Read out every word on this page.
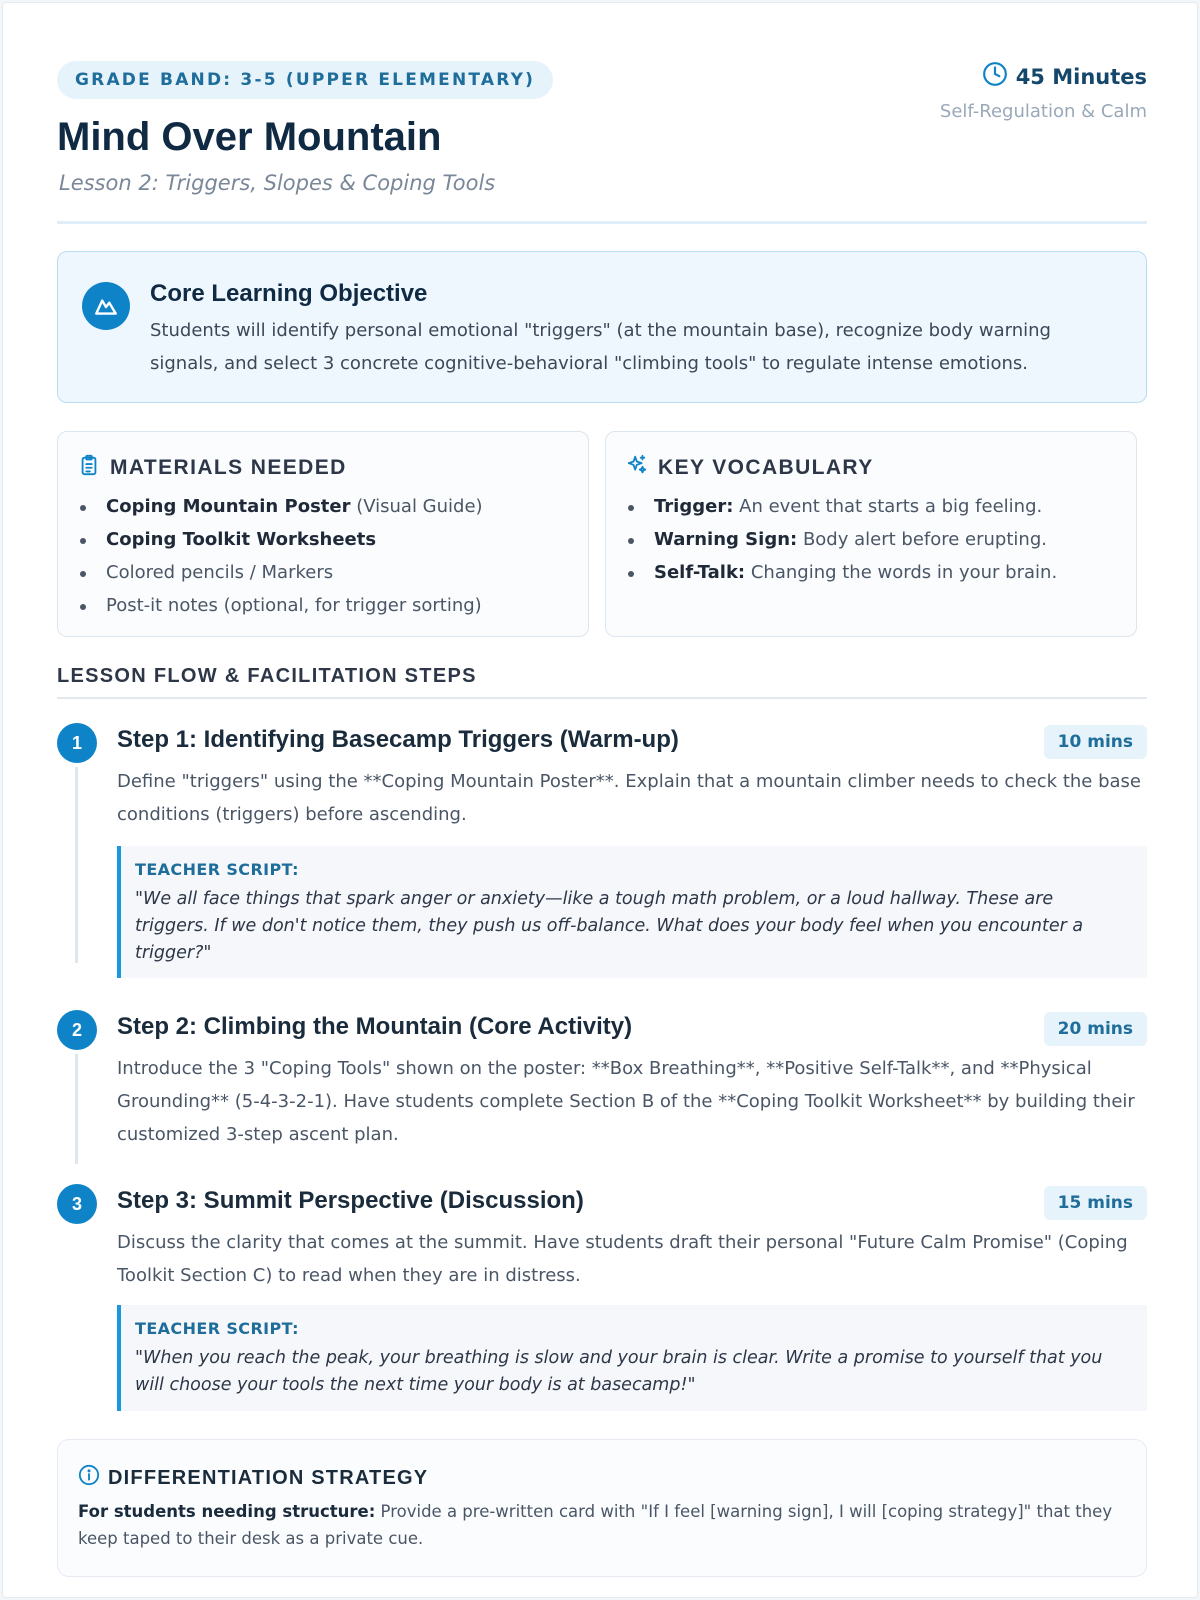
GRADE BAND: 3-5 (UPPER ELEMENTARY)
Mind Over Mountain
Lesson 2: Triggers, Slopes & Coping Tools
45 Minutes
Self-Regulation & Calm
Core Learning Objective
Students will identify personal emotional "triggers" (at the mountain base), recognize body warning signals, and select 3 concrete cognitive-behavioral "climbing tools" to regulate intense emotions.
MATERIALS NEEDED
Coping Mountain Poster (Visual Guide)
Coping Toolkit Worksheets
Colored pencils / Markers
Post-it notes (optional, for trigger sorting)
KEY VOCABULARY
Trigger: An event that starts a big feeling.
Warning Sign: Body alert before erupting.
Self-Talk: Changing the words in your brain.
LESSON FLOW & FACILITATION STEPS
1	Step 1: Identifying Basecamp Triggers (Warm-up)	10 mins
Define "triggers" using the **Coping Mountain Poster**. Explain that a mountain climber needs to check the base conditions (triggers) before ascending.
TEACHER SCRIPT:
"We all face things that spark anger or anxiety—like a tough math problem, or a loud hallway. These are triggers. If we don't notice them, they push us off-balance. What does your body feel when you encounter a trigger?"
2	Step 2: Climbing the Mountain (Core Activity)	20 mins
Introduce the 3 "Coping Tools" shown on the poster: **Box Breathing**, **Positive Self-Talk**, and **Physical Grounding** (5-4-3-2-1). Have students complete Section B of the **Coping Toolkit Worksheet** by building their customized 3-step ascent plan.
3	Step 3: Summit Perspective (Discussion)	15 mins
Discuss the clarity that comes at the summit. Have students draft their personal "Future Calm Promise" (Coping Toolkit Section C) to read when they are in distress.
TEACHER SCRIPT:
"When you reach the peak, your breathing is slow and your brain is clear. Write a promise to yourself that you will choose your tools the next time your body is at basecamp!"
DIFFERENTIATION STRATEGY
For students needing structure: Provide a pre-written card with "If I feel [warning sign], I will [coping strategy]" that they keep taped to their desk as a private cue.
